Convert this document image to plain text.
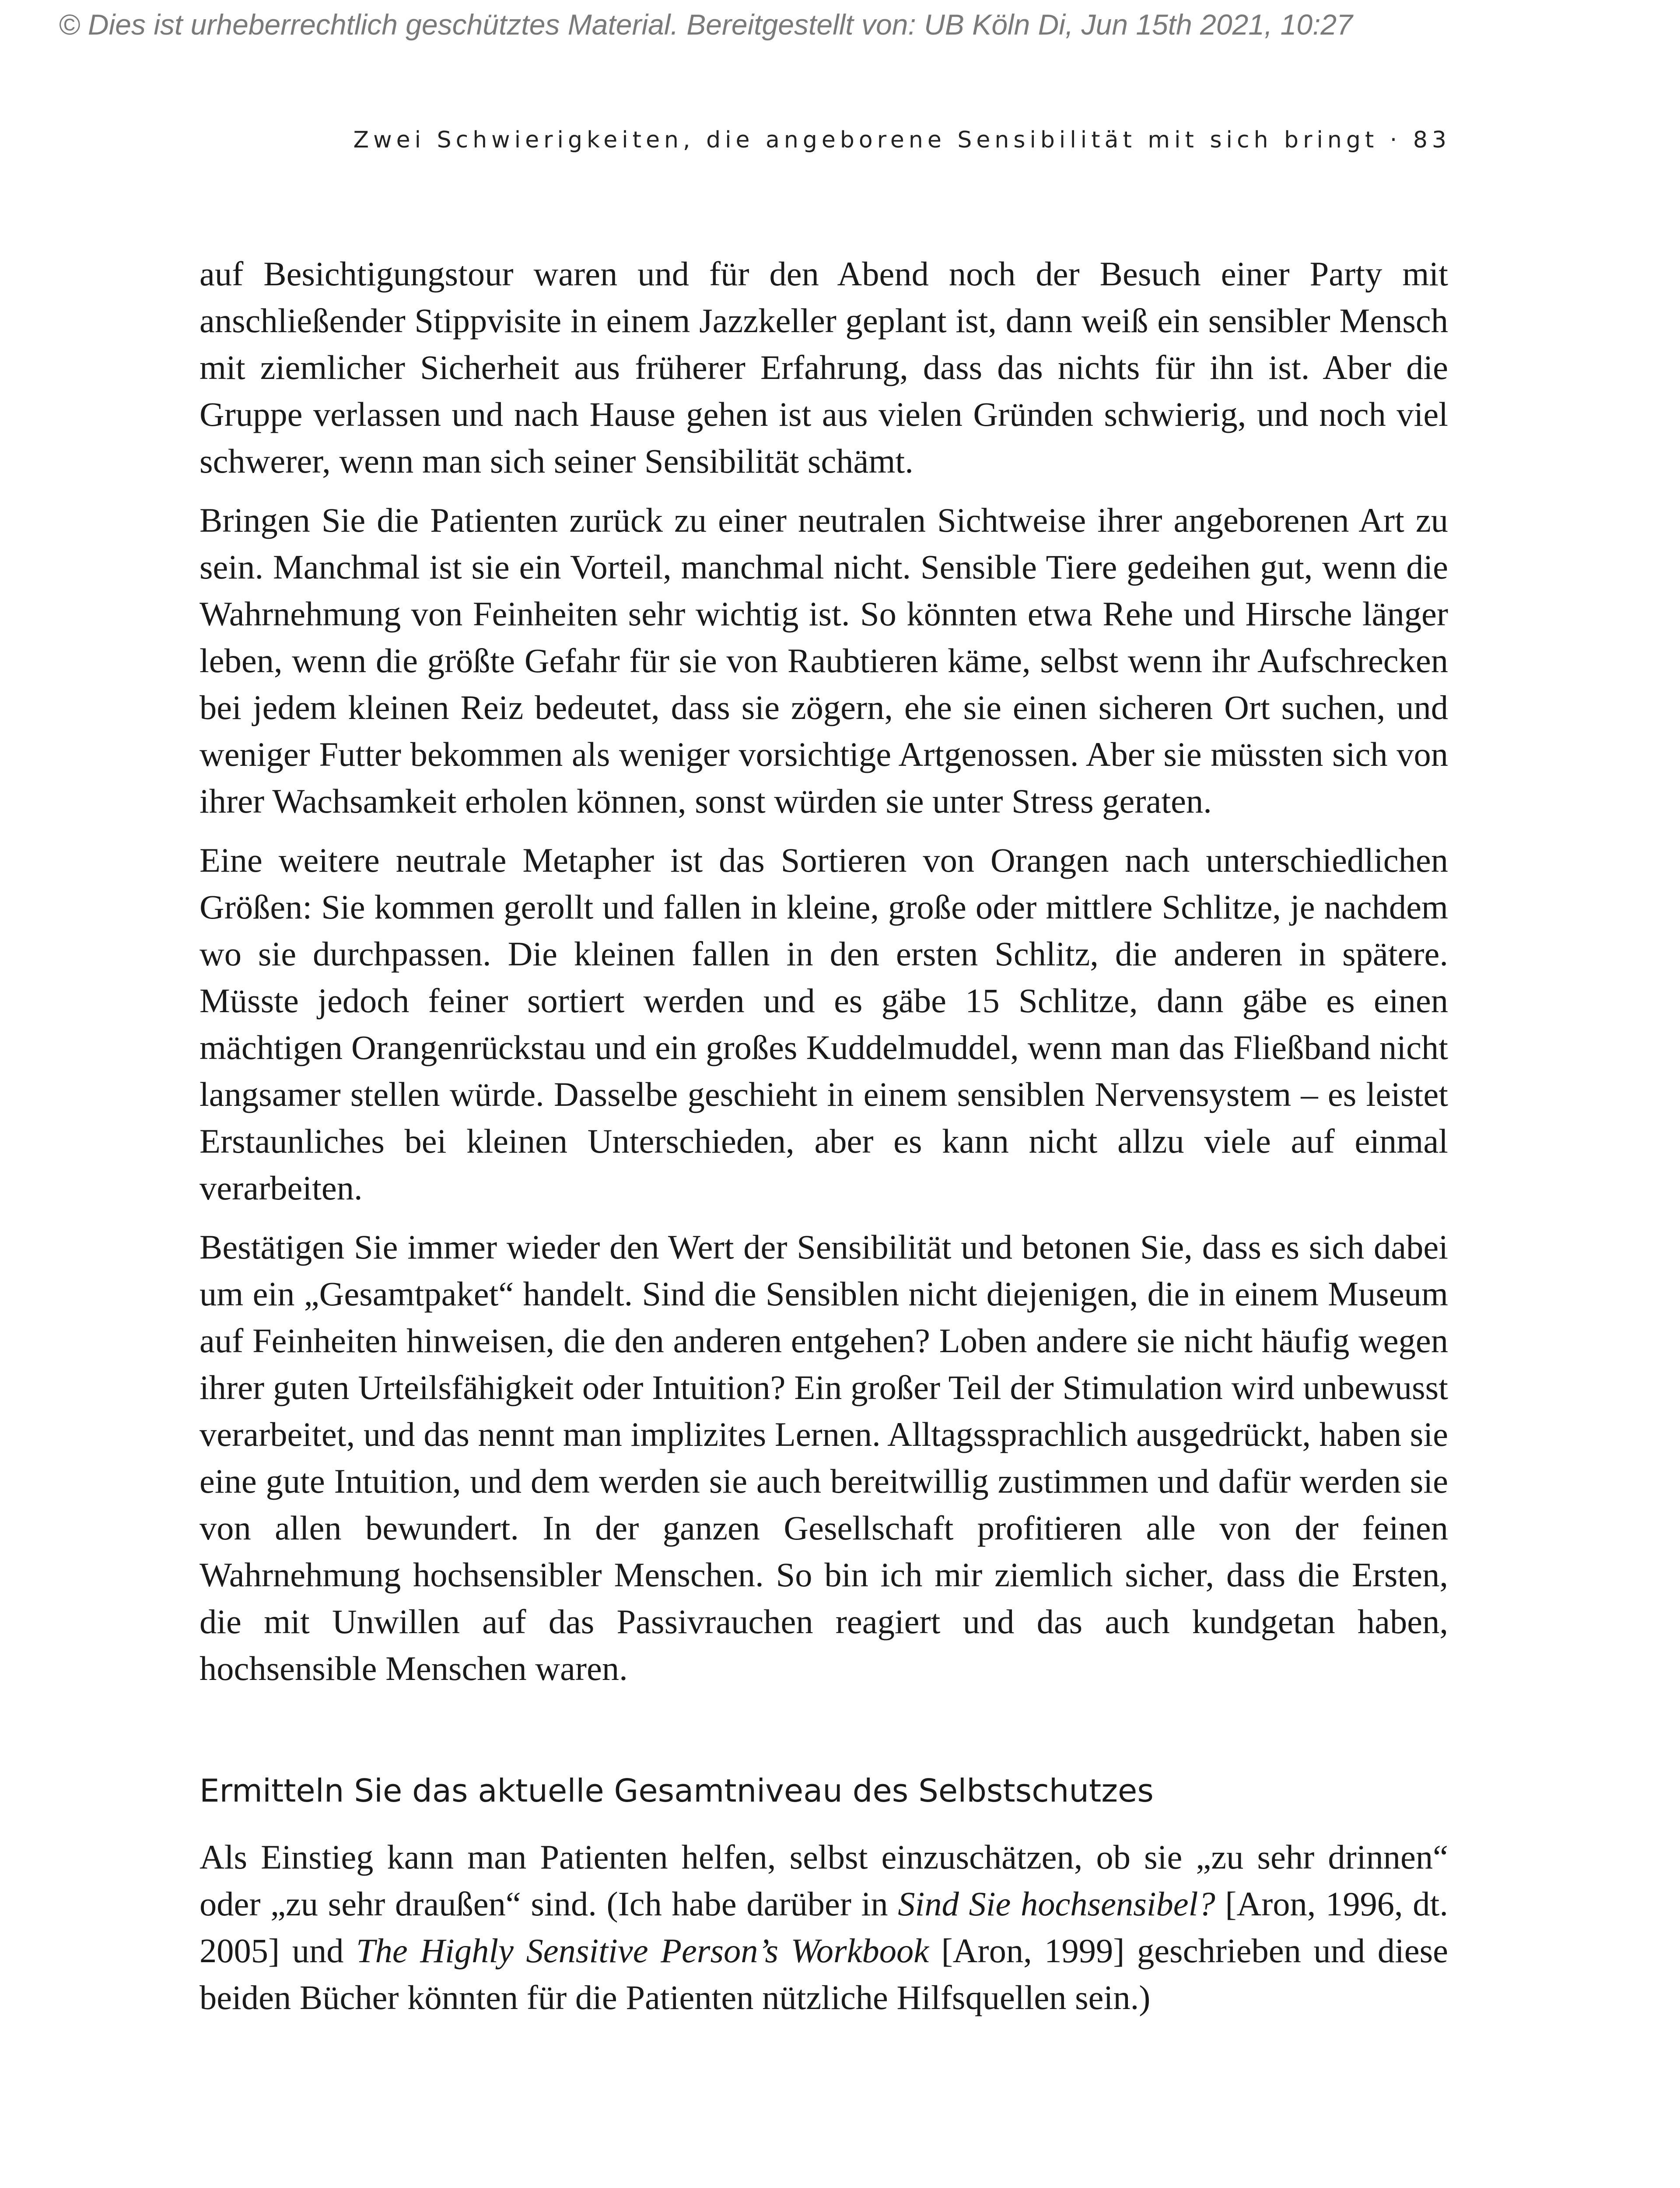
© Dies ist urheberrechtlich geschütztes Material. Bereitgestellt von: UB Köln Di, Jun 15th 2021, 10:27
Zwei Schwierigkeiten, die angeborene Sensibilität mit sich bringt · 83

auf Besichtigungstour waren und für den Abend noch der Besuch einer Party mit anschließender Stippvisite in einem Jazzkeller geplant ist, dann weiß ein sensibler Mensch mit ziemlicher Sicherheit aus früherer Erfahrung, dass das nichts für ihn ist. Aber die Gruppe verlassen und nach Hause gehen ist aus vielen Gründen schwierig, und noch viel schwerer, wenn man sich seiner Sensibilität schämt.

Bringen Sie die Patienten zurück zu einer neutralen Sichtweise ihrer angeborenen Art zu sein. Manchmal ist sie ein Vorteil, manchmal nicht. Sensible Tiere gedeihen gut, wenn die Wahrnehmung von Feinheiten sehr wichtig ist. So könnten etwa Rehe und Hirsche länger leben, wenn die größte Gefahr für sie von Raubtieren käme, selbst wenn ihr Aufschrecken bei jedem kleinen Reiz bedeutet, dass sie zögern, ehe sie einen sicheren Ort suchen, und weniger Futter bekommen als weniger vorsichtige Artgenossen. Aber sie müssten sich von ihrer Wachsamkeit erholen können, sonst würden sie unter Stress geraten.

Eine weitere neutrale Metapher ist das Sortieren von Orangen nach unterschiedlichen Größen: Sie kommen gerollt und fallen in kleine, große oder mittlere Schlitze, je nachdem wo sie durchpassen. Die kleinen fallen in den ersten Schlitz, die anderen in spätere. Müsste jedoch feiner sortiert werden und es gäbe 15 Schlitze, dann gäbe es einen mächtigen Orangenrückstau und ein großes Kuddelmuddel, wenn man das Fließband nicht langsamer stellen würde. Dasselbe geschieht in einem sensiblen Nervensystem – es leistet Erstaunliches bei kleinen Unterschieden, aber es kann nicht allzu viele auf einmal verarbeiten.

Bestätigen Sie immer wieder den Wert der Sensibilität und betonen Sie, dass es sich dabei um ein „Gesamtpaket“ handelt. Sind die Sensiblen nicht diejenigen, die in einem Museum auf Feinheiten hinweisen, die den anderen entgehen? Loben andere sie nicht häufig wegen ihrer guten Urteilsfähigkeit oder Intuition? Ein großer Teil der Stimulation wird unbewusst verarbeitet, und das nennt man implizites Lernen. Alltagssprachlich ausgedrückt, haben sie eine gute Intuition, und dem werden sie auch bereitwillig zustimmen und dafür werden sie von allen bewundert. In der ganzen Gesellschaft profitieren alle von der feinen Wahrnehmung hochsensibler Menschen. So bin ich mir ziemlich sicher, dass die Ersten, die mit Unwillen auf das Passivrauchen reagiert und das auch kundgetan haben, hochsensible Menschen waren.

Ermitteln Sie das aktuelle Gesamtniveau des Selbstschutzes

Als Einstieg kann man Patienten helfen, selbst einzuschätzen, ob sie „zu sehr drinnen“ oder „zu sehr draußen“ sind. (Ich habe darüber in Sind Sie hochsensibel? [Aron, 1996, dt. 2005] und The Highly Sensitive Person’s Workbook [Aron, 1999] geschrieben und diese beiden Bücher könnten für die Patienten nützliche Hilfsquellen sein.)
